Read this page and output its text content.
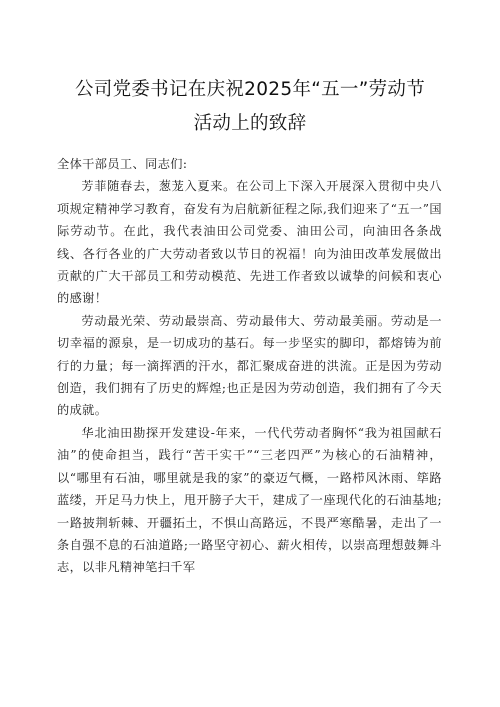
公司党委书记在庆祝2025年“五一”劳动节
活动上的致辞

全体干部员工、同志们:

芳菲随春去，葱茏入夏来。在公司上下深入开展深入贯彻中央八项规定精神学习教育，奋发有为启航新征程之际,我们迎来了“五一”国际劳动节。在此，我代表油田公司党委、油田公司，向油田各条战线、各行各业的广大劳动者致以节日的祝福！向为油田改革发展做出贡献的广大干部员工和劳动模范、先进工作者致以诚挚的问候和衷心的感谢！

劳动最光荣、劳动最崇高、劳动最伟大、劳动最美丽。劳动是一切幸福的源泉，是一切成功的基石。每一步坚实的脚印，都熔铸为前行的力量；每一滴挥洒的汗水，都汇聚成奋进的洪流。正是因为劳动创造，我们拥有了历史的辉煌;也正是因为劳动创造，我们拥有了今天的成就。

华北油田勘探开发建设-年来，一代代劳动者胸怀“我为祖国献石油”的使命担当，践行“苦干实干”“三老四严”为核心的石油精神，以“哪里有石油，哪里就是我的家”的豪迈气概，一路栉风沐雨、筚路蓝缕，开足马力快上，甩开膀子大干，建成了一座现代化的石油基地;一路披荆斩棘、开疆拓土，不惧山高路远，不畏严寒酷暑，走出了一条自强不息的石油道路;一路坚守初心、薪火相传，以崇高理想鼓舞斗志，以非凡精神笔扫千军
